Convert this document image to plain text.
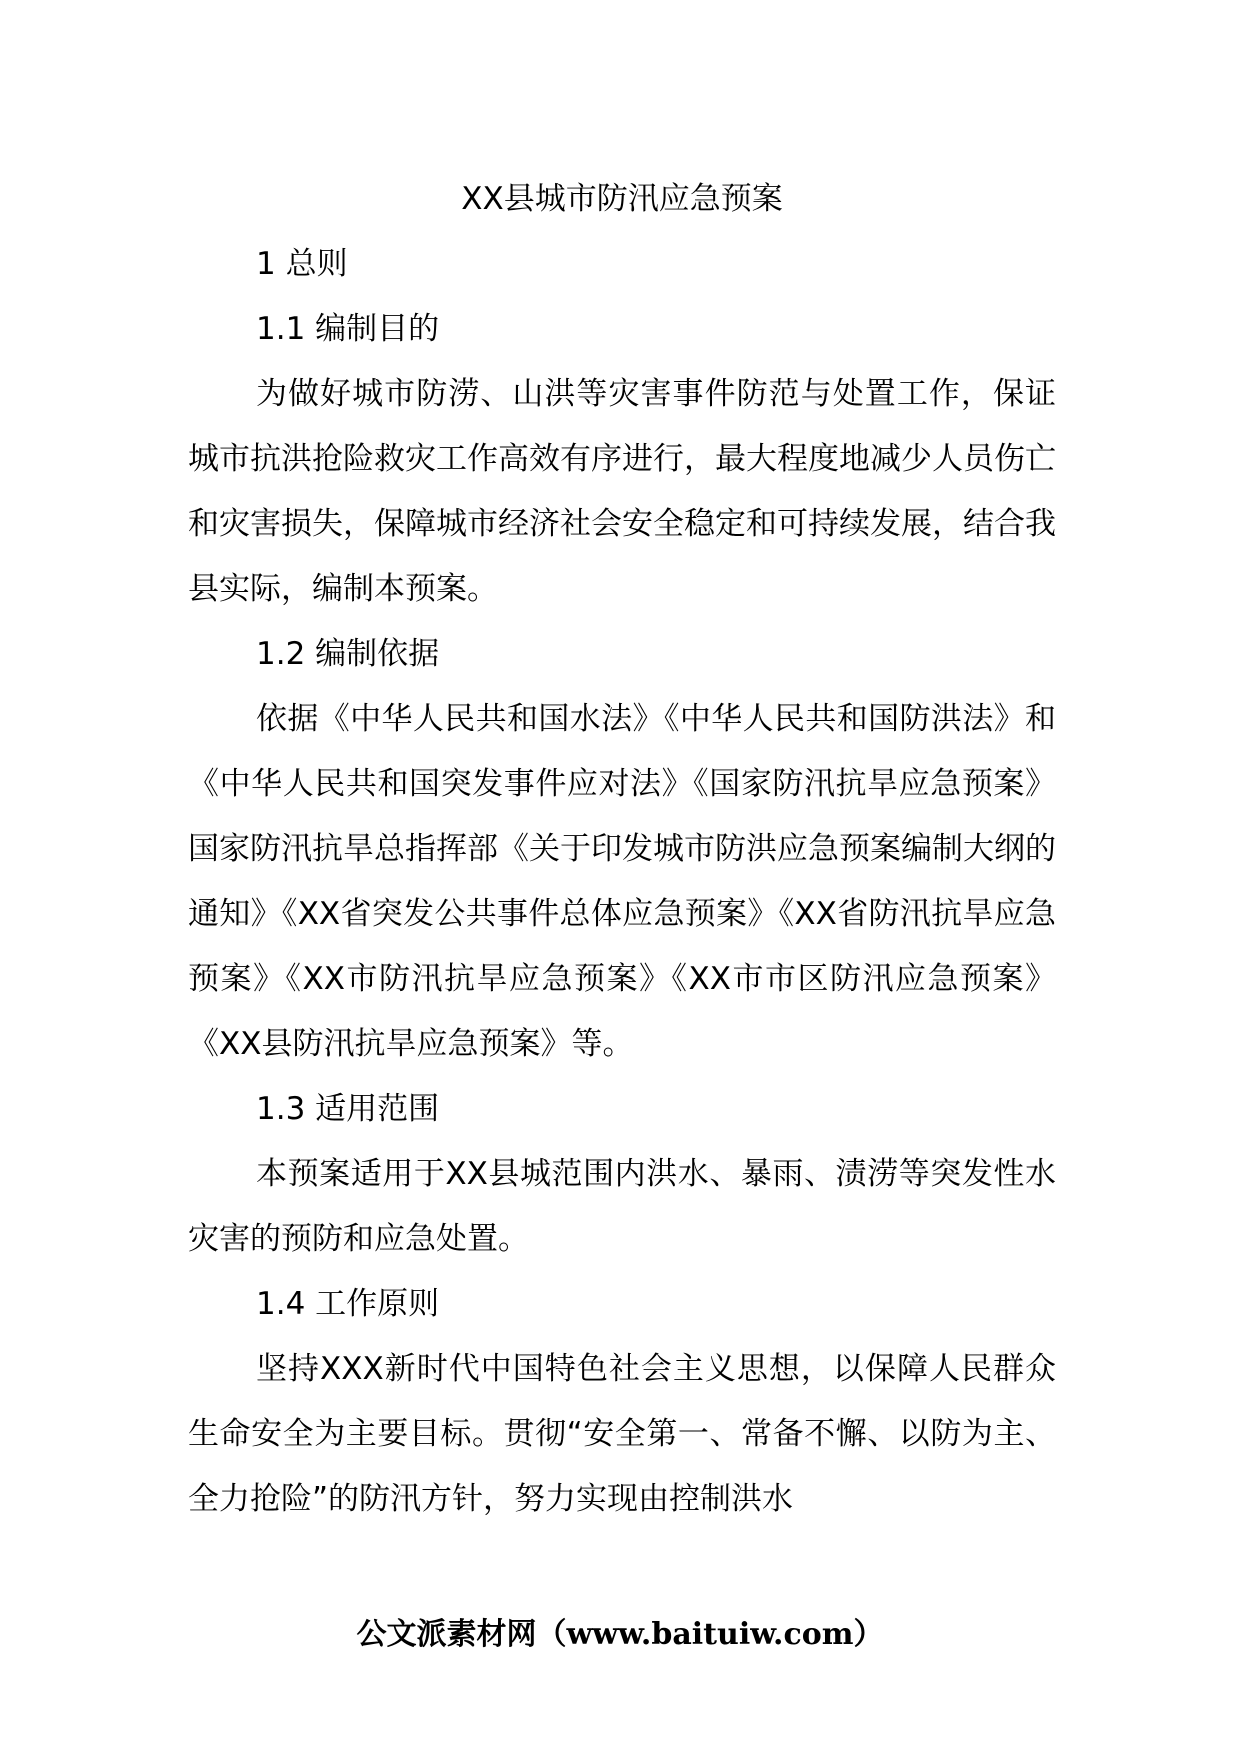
XX县城市防汛应急预案

1 总则

1.1 编制目的

为做好城市防涝、山洪等灾害事件防范与处置工作，保证城市抗洪抢险救灾工作高效有序进行，最大程度地减少人员伤亡和灾害损失，保障城市经济社会安全稳定和可持续发展，结合我县实际，编制本预案。

1.2 编制依据

依据《中华人民共和国水法》《中华人民共和国防洪法》和《中华人民共和国突发事件应对法》《国家防汛抗旱应急预案》国家防汛抗旱总指挥部《关于印发城市防洪应急预案编制大纲的通知》《XX省突发公共事件总体应急预案》《XX省防汛抗旱应急预案》《XX市防汛抗旱应急预案》《XX市市区防汛应急预案》《XX县防汛抗旱应急预案》等。

1.3 适用范围

本预案适用于XX县城范围内洪水、暴雨、渍涝等突发性水灾害的预防和应急处置。

1.4 工作原则

坚持XXX新时代中国特色社会主义思想，以保障人民群众生命安全为主要目标。贯彻“安全第一、常备不懈、以防为主、全力抢险”的防汛方针，努力实现由控制洪水

公文派素材网（www.baituiw.com）
